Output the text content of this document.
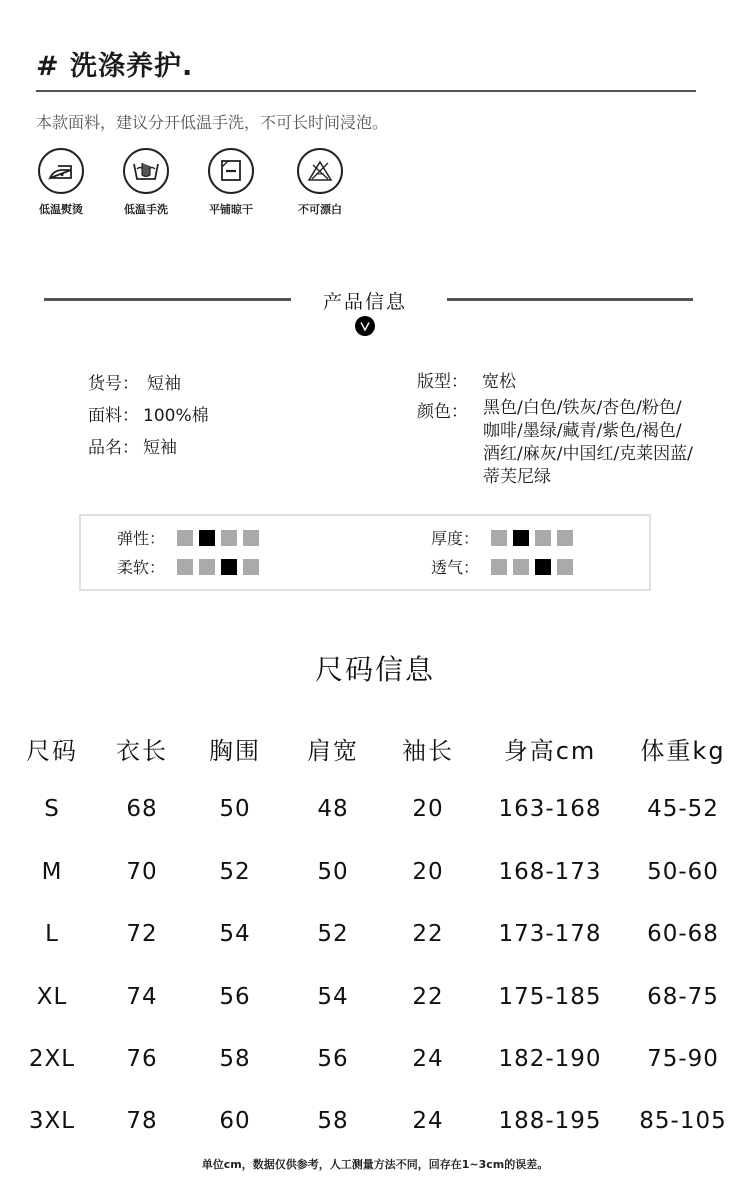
# 洗涤养护.
本款面料，建议分开低温手洗，不可长时间浸泡。
低温熨烫	低温手洗	平铺晾干	不可漂白
产品信息
货号： 短袖
面料： 100%棉
品名： 短袖
版型： 宽松
颜色： 黑色/白色/铁灰/杏色/粉色/
咖啡/墨绿/藏青/紫色/褐色/
酒红/麻灰/中国红/克莱因蓝/
蒂芙尼绿
弹性：
柔软：
厚度：
透气：
尺码信息
尺码	衣长	胸围	肩宽	袖长	身高cm	体重kg
S	68	50	48	20	163-168	45-52
M	70	52	50	20	168-173	50-60
L	72	54	52	22	173-178	60-68
XL	74	56	54	22	175-185	68-75
2XL	76	58	56	24	182-190	75-90
3XL	78	60	58	24	188-195	85-105
单位cm，数据仅供参考，人工测量方法不同，回存在1~3cm的误差。
